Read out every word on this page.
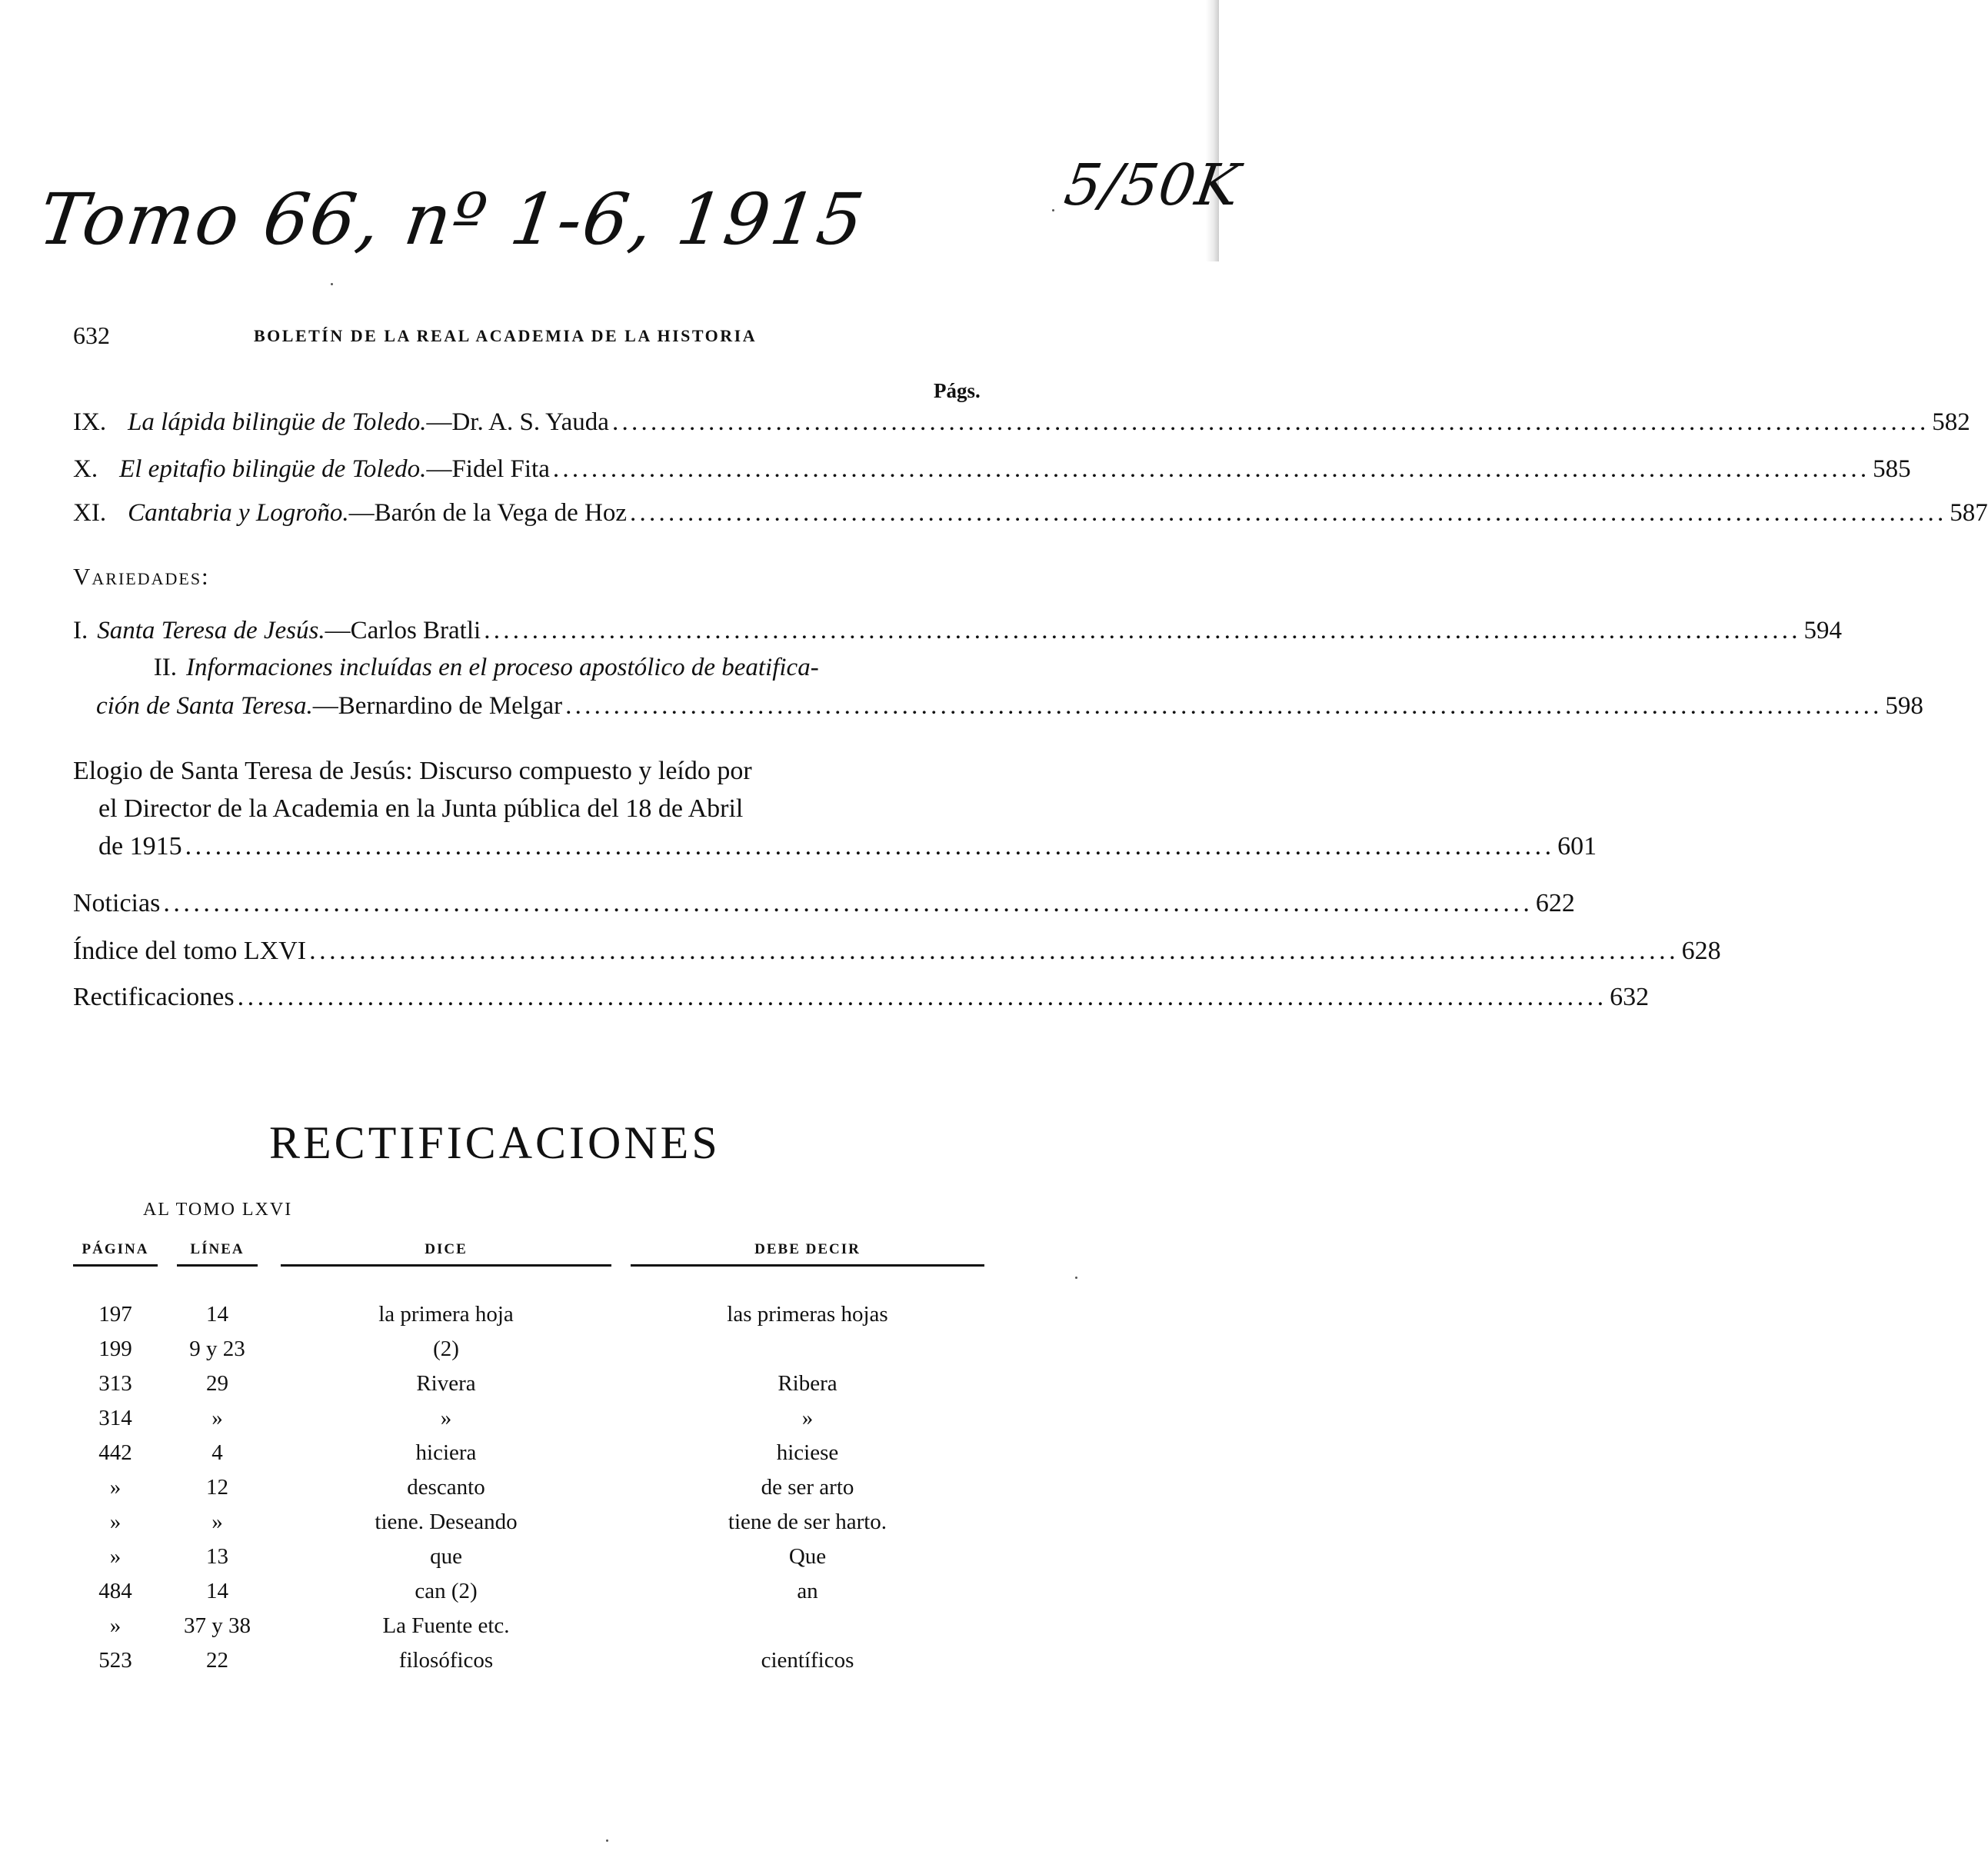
Tomo 66, nº 1-6, 1915	5/50K
632	BOLETÍN DE LA REAL ACADEMIA DE LA HISTORIA
Págs.
IX. La lápida bilingüe de Toledo. —Dr. A. S. Yauda . . .	582
X. El epitafio bilingüe de Toledo. —Fidel Fita . . .	585
XI. Cantabria y Logroño. —Barón de la Vega de Hoz . . .	587
Variedades:
I. Santa Teresa de Jesús. —Carlos Bratli . . .	594
II. Informaciones incluídas en el proceso apostólico de beatifica-
ción de Santa Teresa. —Bernardino de Melgar . . .	598
Elogio de Santa Teresa de Jesús: Discurso compuesto y leído por
el Director de la Academia en la Junta pública del 18 de Abril
de 1915 . . .	601
Noticias . . .	622
Índice del tomo LXVI . . .	628
Rectificaciones . . .	632
RECTIFICACIONES
AL TOMO LXVI
PÁGINA	LÍNEA	DICE	DEBE DECIR
197	14	la primera hoja	las primeras hojas
199	9 y 23	(2)
313	29	Rivera	Ribera
314	»	»	»
442	4	hiciera	hiciese
»	12	descanto	de ser arto
»	»	tiene. Deseando	tiene de ser harto.
»	13	que	Que
484	14	can (2)	an
»	37 y 38	La Fuente etc.
523	22	filosóficos	científicos
